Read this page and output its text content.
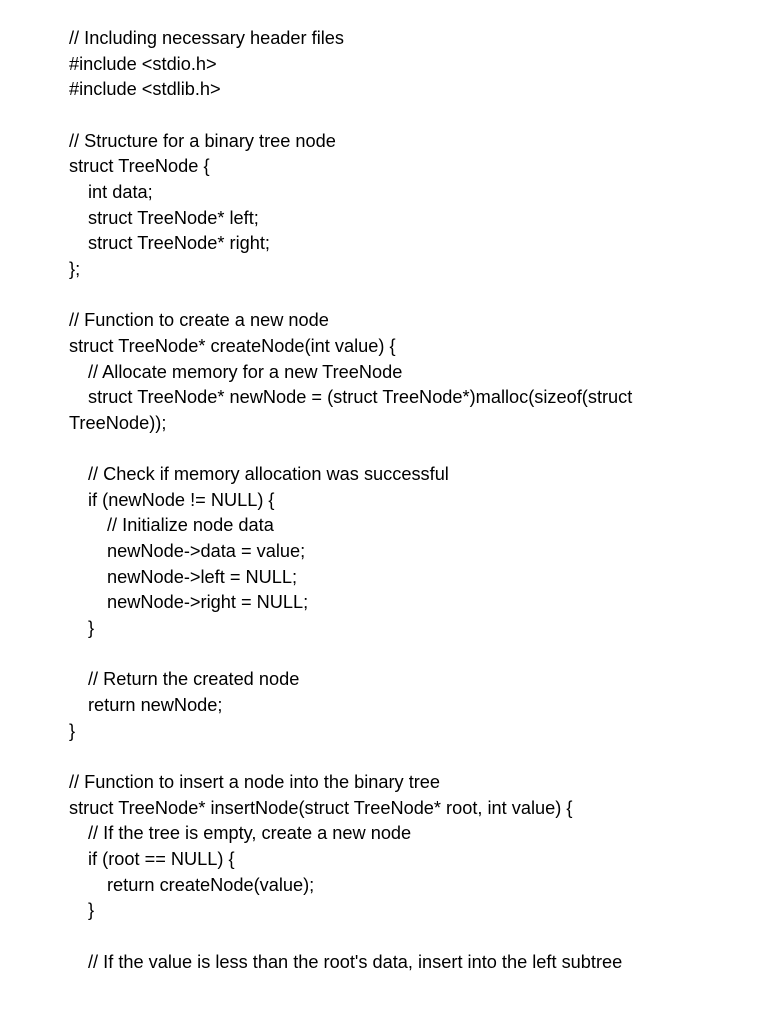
// Including necessary header files
#include <stdio.h>
#include <stdlib.h>
// Structure for a binary tree node
struct TreeNode {
int data;
struct TreeNode* left;
struct TreeNode* right;
};
// Function to create a new node
struct TreeNode* createNode(int value) {
// Allocate memory for a new TreeNode
struct TreeNode* newNode = (struct TreeNode*)malloc(sizeof(struct
TreeNode));
// Check if memory allocation was successful
if (newNode != NULL) {
// Initialize node data
newNode->data = value;
newNode->left = NULL;
newNode->right = NULL;
}
// Return the created node
return newNode;
}
// Function to insert a node into the binary tree
struct TreeNode* insertNode(struct TreeNode* root, int value) {
// If the tree is empty, create a new node
if (root == NULL) {
return createNode(value);
}
// If the value is less than the root's data, insert into the left subtree
